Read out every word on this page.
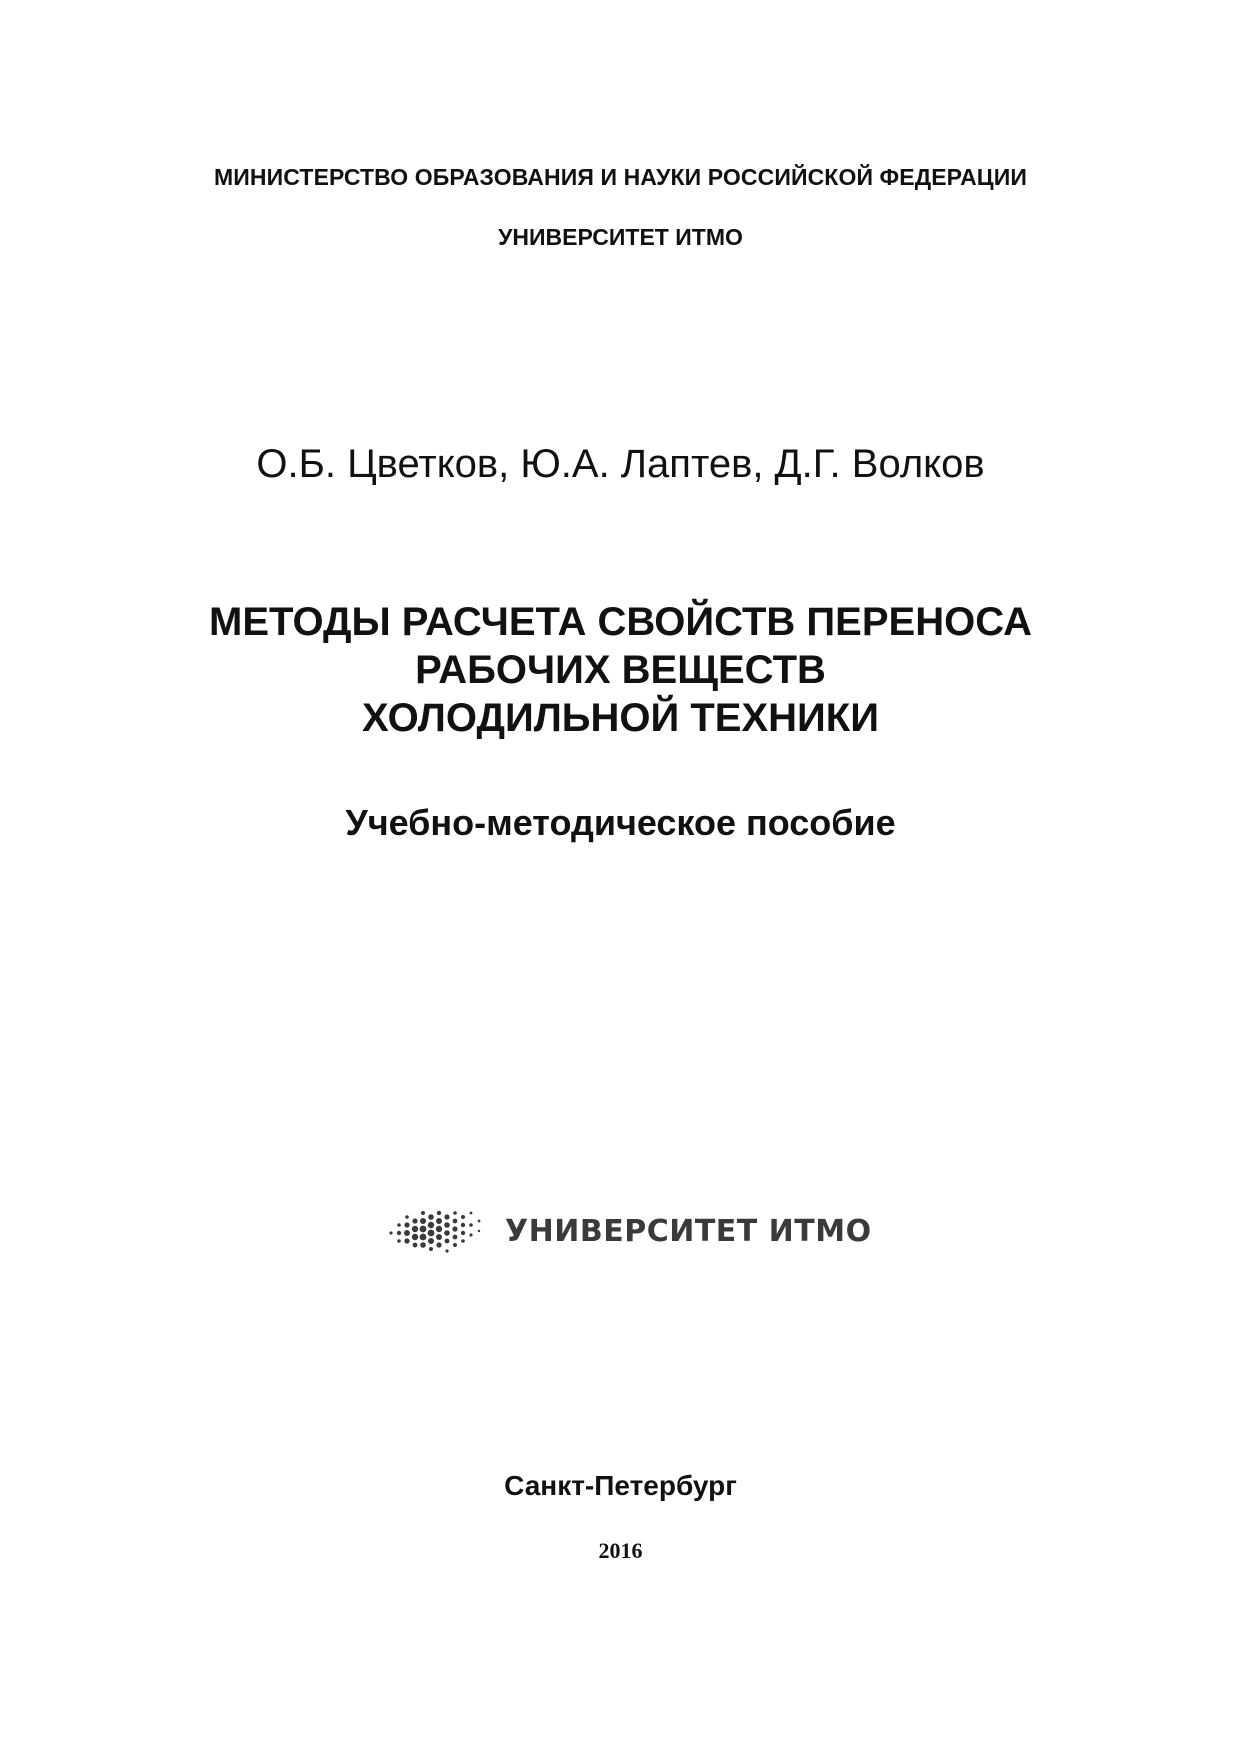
МИНИСТЕРСТВО ОБРАЗОВАНИЯ И НАУКИ РОССИЙСКОЙ ФЕДЕРАЦИИ
УНИВЕРСИТЕТ ИТМО
О.Б. Цветков, Ю.А. Лаптев, Д.Г. Волков
МЕТОДЫ РАСЧЕТА СВОЙСТВ ПЕРЕНОСА
РАБОЧИХ ВЕЩЕСТВ
ХОЛОДИЛЬНОЙ ТЕХНИКИ
Учебно-методическое пособие
УНИВЕРСИТЕТ ИТМО
Санкт-Петербург
2016
